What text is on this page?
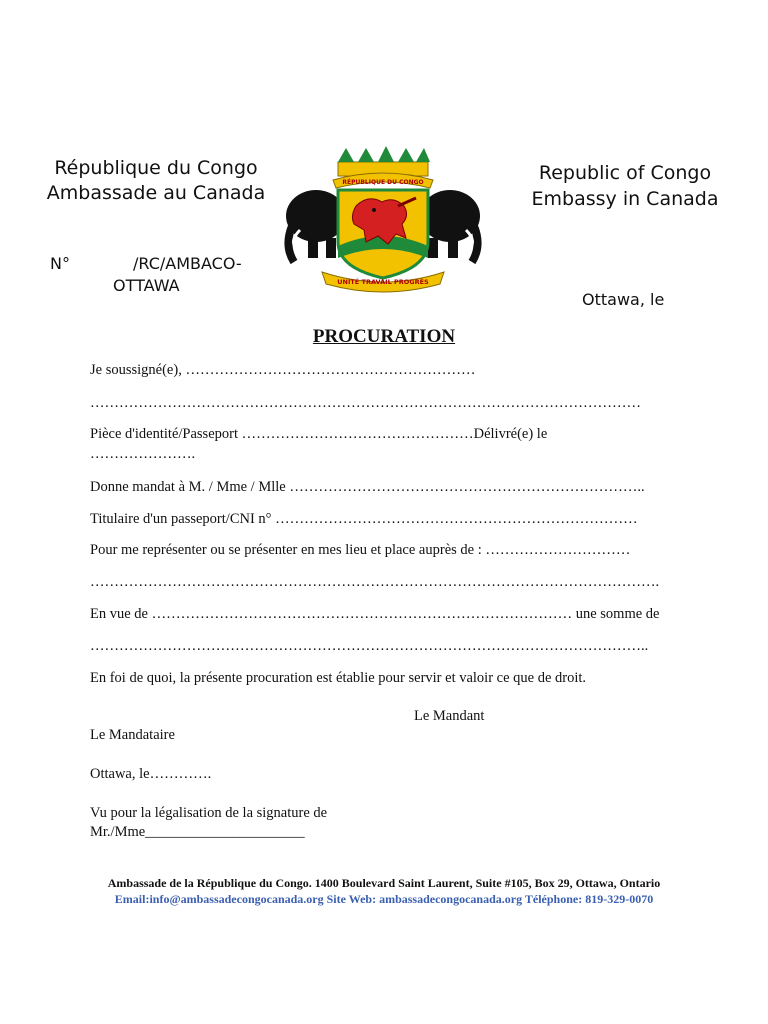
République du Congo
Ambassade au Canada
Republic of Congo
Embassy in Canada
N°	/RC/AMBACO-
OTTAWA
Ottawa, le
RÉPUBLIQUE DU CONGO
UNITÉ TRAVAIL PROGRÈS
PROCURATION
Je soussigné(e), ……………………………………………………
……………………………………………………………………………………………………
Pièce d'identité/Passeport …………………………………………Délivré(e) le
………………….
Donne mandat à M. / Mme / Mlle ………………………………………………………………..
Titulaire d'un passeport/CNI n° …………………………………………………………………
Pour me représenter ou se présenter en mes lieu et place auprès de : …………………………
……………………………………………………………………………………………………….
En vue de …………………………………………………………………………… une somme de
……………………………………………………………………………………………………..
En foi de quoi, la présente procuration est établie pour servir et valoir ce que de droit.
Le Mandant
Le Mandataire
Ottawa, le………….
Vu pour la légalisation de la signature de
Mr./Mme______________________
Ambassade de la République du Congo. 1400 Boulevard Saint Laurent, Suite #105, Box 29, Ottawa, Ontario
Email:info@ambassadecongocanada.org Site Web: ambassadecongocanada.org Téléphone: 819-329-0070
